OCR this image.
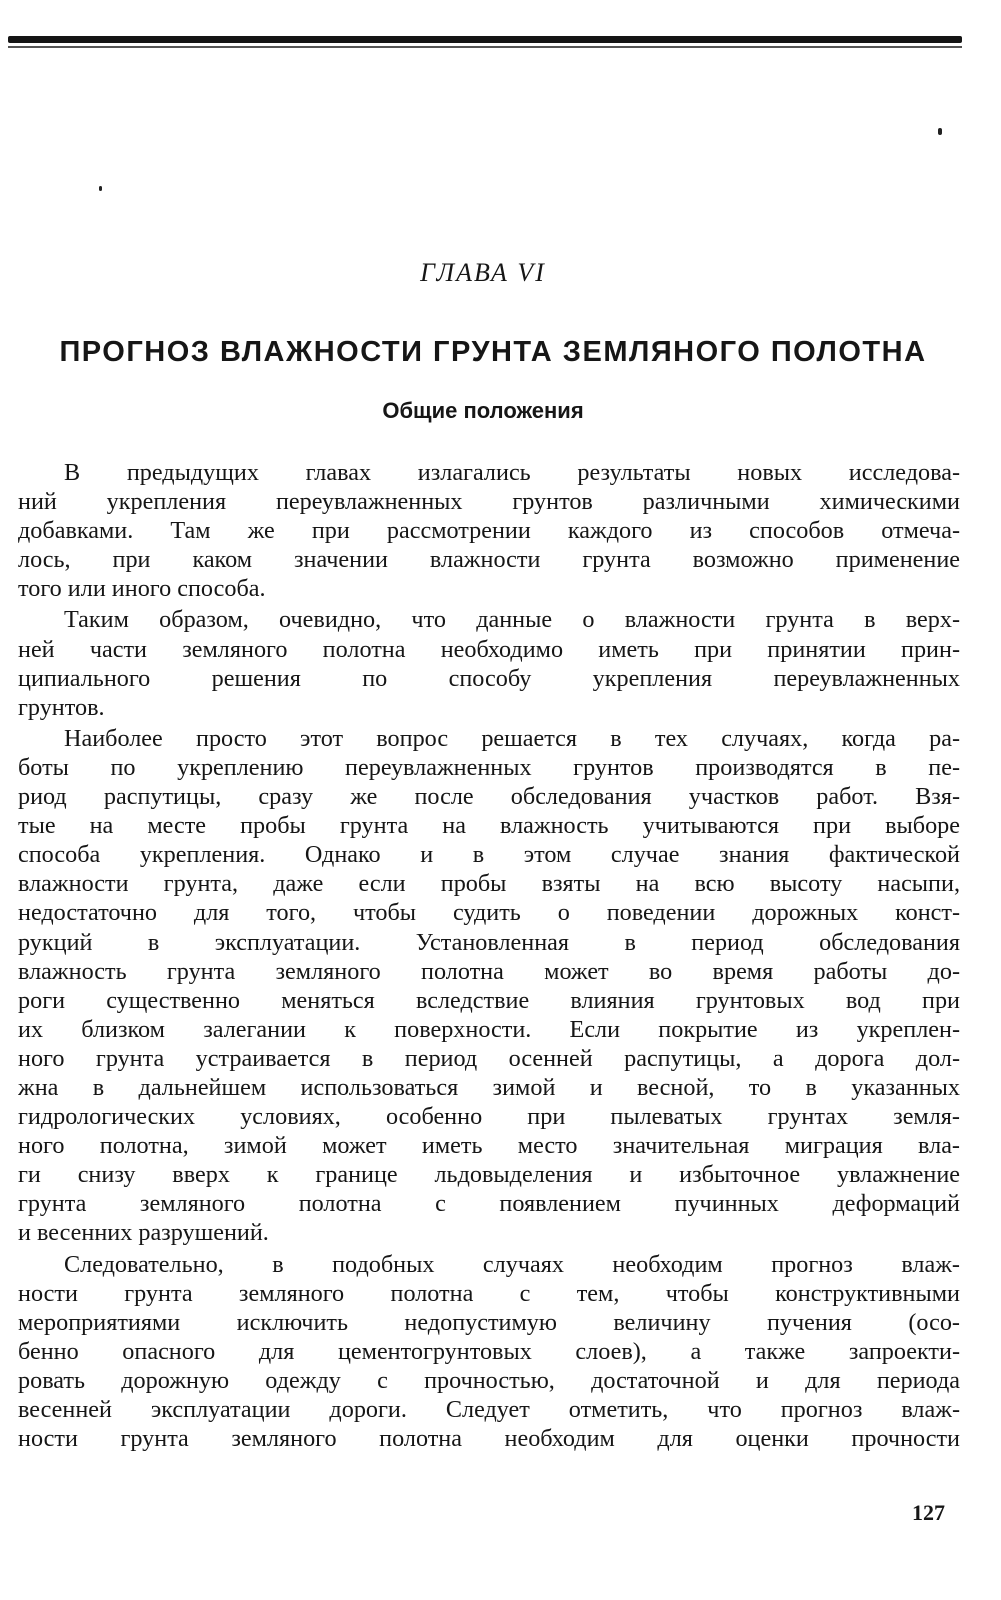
ГЛАВА VI
ПРОГНОЗ ВЛАЖНОСТИ ГРУНТА ЗЕМЛЯНОГО ПОЛОТНА
Общие положения
В предыдущих главах излагались результаты новых исследова-
ний укрепления переувлажненных грунтов различными химическими
добавками. Там же при рассмотрении каждого из способов отмеча-
лось, при каком значении влажности грунта возможно применение
того или иного способа.
Таким образом, очевидно, что данные о влажности грунта в верх-
ней части земляного полотна необходимо иметь при принятии прин-
ципиального решения по способу укрепления переувлажненных
грунтов.
Наиболее просто этот вопрос решается в тех случаях, когда ра-
боты по укреплению переувлажненных грунтов производятся в пе-
риод распутицы, сразу же после обследования участков работ. Взя-
тые на месте пробы грунта на влажность учитываются при выборе
способа укрепления. Однако и в этом случае знания фактической
влажности грунта, даже если пробы взяты на всю высоту насыпи,
недостаточно для того, чтобы судить о поведении дорожных конст-
рукций в эксплуатации. Установленная в период обследования
влажность грунта земляного полотна может во время работы до-
роги существенно меняться вследствие влияния грунтовых вод при
их близком залегании к поверхности. Если покрытие из укреплен-
ного грунта устраивается в период осенней распутицы, а дорога дол-
жна в дальнейшем использоваться зимой и весной, то в указанных
гидрологических условиях, особенно при пылеватых грунтах земля-
ного полотна, зимой может иметь место значительная миграция вла-
ги снизу вверх к границе льдовыделения и избыточное увлажнение
грунта земляного полотна с появлением пучинных деформаций
и весенних разрушений.
Следовательно, в подобных случаях необходим прогноз влаж-
ности грунта земляного полотна с тем, чтобы конструктивными
мероприятиями исключить недопустимую величину пучения (осо-
бенно опасного для цементогрунтовых слоев), а также запроекти-
ровать дорожную одежду с прочностью, достаточной и для периода
весенней эксплуатации дороги. Следует отметить, что прогноз влаж-
ности грунта земляного полотна необходим для оценки прочности
127
